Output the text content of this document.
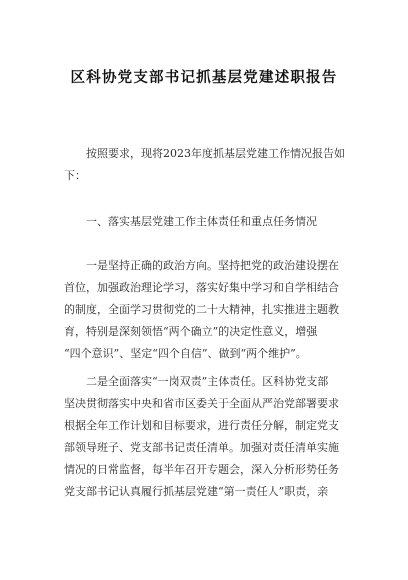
区科协党支部书记抓基层党建述职报告

按照要求，现将2023年度抓基层党建工作情况报告如

下：

一、落实基层党建工作主体责任和重点任务情况

一是坚持正确的政治方向。坚持把党的政治建设摆在

首位，加强政治理论学习，落实好集中学习和自学相结合

的制度，全面学习贯彻党的二十大精神，扎实推进主题教

育，特别是深刻领悟“两个确立”的决定性意义，增强

“四个意识”、坚定“四个自信”、做到“两个维护”。

二是全面落实“一岗双责”主体责任。区科协党支部

坚决贯彻落实中央和省市区委关于全面从严治党部署要求

根据全年工作计划和目标要求，进行责任分解，制定党支

部领导班子、党支部书记责任清单。加强对责任清单实施

情况的日常监督，每半年召开专题会，深入分析形势任务

党支部书记认真履行抓基层党建“第一责任人”职责，亲
